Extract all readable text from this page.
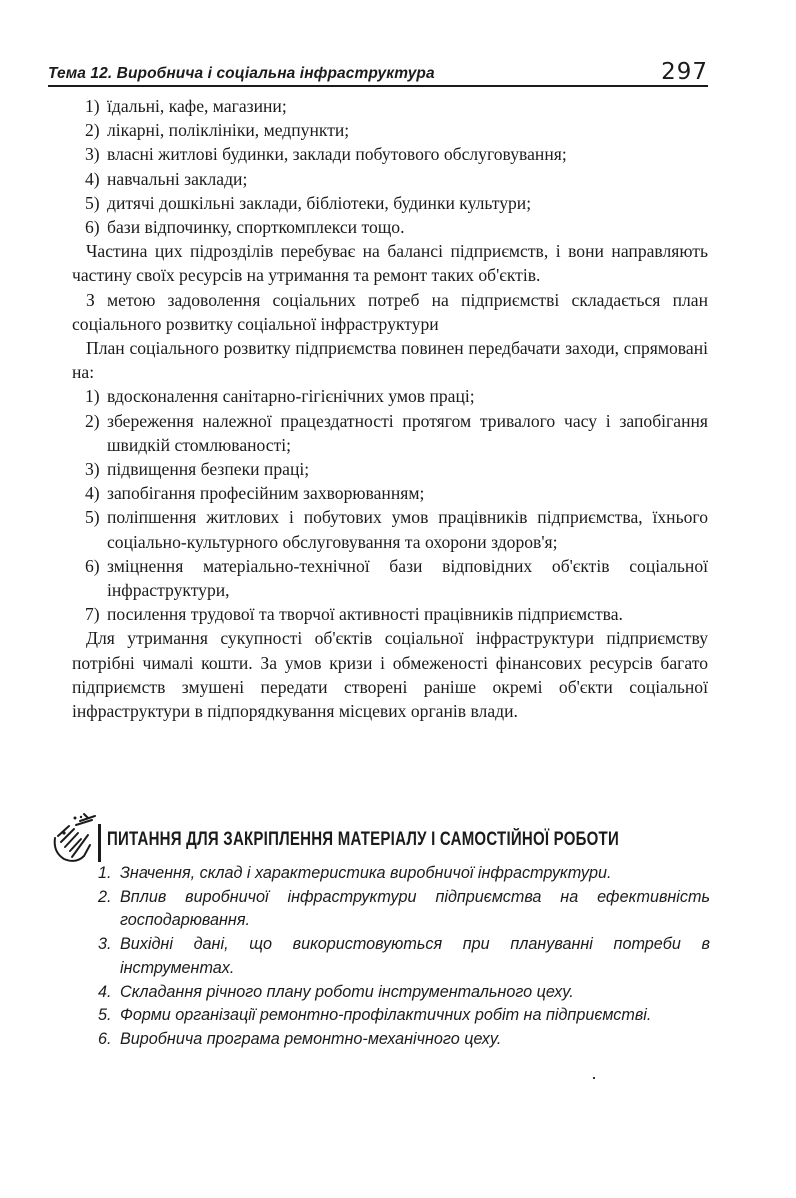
Тема 12. Виробнича і соціальна інфраструктура	297
1) їдальні, кафе, магазини;
2) лікарні, поліклініки, медпункти;
3) власні житлові будинки, заклади побутового обслуговування;
4) навчальні заклади;
5) дитячі дошкільні заклади, бібліотеки, будинки культури;
6) бази відпочинку, спорткомплекси тощо.

Частина цих підрозділів перебуває на балансі підприємств, і вони направляють частину своїх ресурсів на утримання та ремонт таких об'єктів.

З метою задоволення соціальних потреб на підприємстві складається план соціального розвитку соціальної інфраструктури

План соціального розвитку підприємства повинен передбачати заходи, спрямовані на:

1) вдосконалення санітарно-гігієнічних умов праці;
2) збереження належної працездатності протягом тривалого часу і запобігання швидкій стомлюваності;
3) підвищення безпеки праці;
4) запобігання професійним захворюванням;
5) поліпшення житлових і побутових умов працівників підприємства, їхнього соціально-культурного обслуговування та охорони здоров'я;
6) зміцнення матеріально-технічної бази відповідних об'єктів соціальної інфраструктури,
7) посилення трудової та творчої активності працівників підприємства.

Для утримання сукупності об'єктів соціальної інфраструктури підприємству потрібні чималі кошти. За умов кризи і обмеженості фінансових ресурсів багато підприємств змушені передати створені раніше окремі об'єкти соціальної інфраструктури в підпорядкування місцевих органів влади.

ПИТАННЯ ДЛЯ ЗАКРІПЛЕННЯ МАТЕРІАЛУ І САМОСТІЙНОЇ РОБОТИ
1. Значення, склад і характеристика виробничої інфраструктури.
2. Вплив виробничої інфраструктури підприємства на ефективність господарювання.
3. Вихідні дані, що використовуються при плануванні потреби в інструментах.
4. Складання річного плану роботи інструментального цеху.
5. Форми організації ремонтно-профілактичних робіт на підприємстві.
6. Виробнича програма ремонтно-механічного цеху.
